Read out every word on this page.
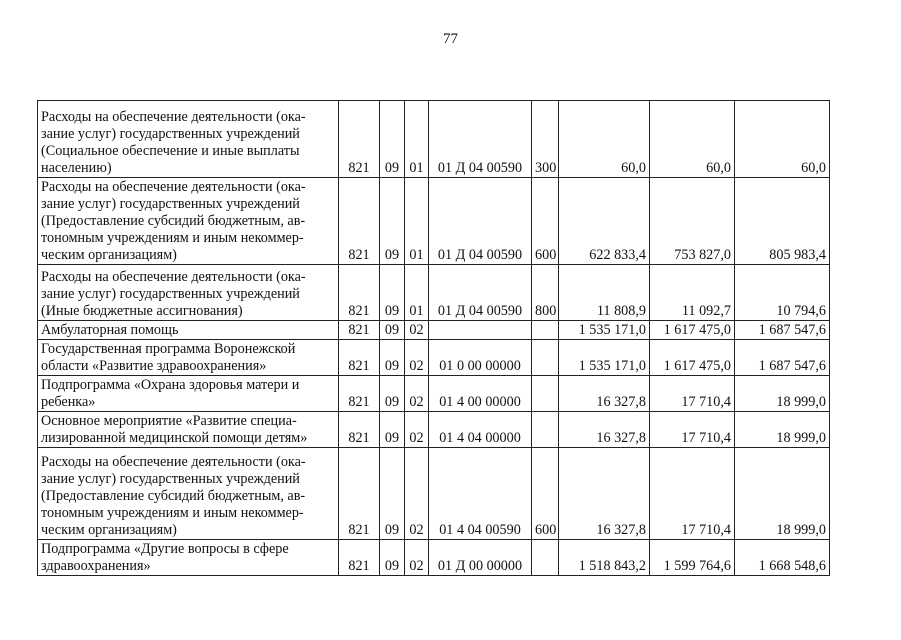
77
Расходы на обеспечение деятельности (ока-
зание услуг) государственных учреждений
(Социальное обеспечение и иные выплаты
населению)	821	09	01	01 Д 04 00590	300	60,0	60,0	60,0
Расходы на обеспечение деятельности (ока-
зание услуг) государственных учреждений
(Предоставление субсидий бюджетным, ав-
тономным учреждениям и иным некоммер-
ческим организациям)	821	09	01	01 Д 04 00590	600	622 833,4	753 827,0	805 983,4
Расходы на обеспечение деятельности (ока-
зание услуг) государственных учреждений
(Иные бюджетные ассигнования)	821	09	01	01 Д 04 00590	800	11 808,9	11 092,7	10 794,6
Амбулаторная помощь	821	09	02			1 535 171,0	1 617 475,0	1 687 547,6
Государственная программа Воронежской
области «Развитие здравоохранения»	821	09	02	01 0 00 00000		1 535 171,0	1 617 475,0	1 687 547,6
Подпрограмма «Охрана здоровья матери и
ребенка»	821	09	02	01 4 00 00000		16 327,8	17 710,4	18 999,0
Основное мероприятие «Развитие специа-
лизированной медицинской помощи детям»	821	09	02	01 4 04 00000		16 327,8	17 710,4	18 999,0
Расходы на обеспечение деятельности (ока-
зание услуг) государственных учреждений
(Предоставление субсидий бюджетным, ав-
тономным учреждениям и иным некоммер-
ческим организациям)	821	09	02	01 4 04 00590	600	16 327,8	17 710,4	18 999,0
Подпрограмма «Другие вопросы в сфере
здравоохранения»	821	09	02	01 Д 00 00000		1 518 843,2	1 599 764,6	1 668 548,6
